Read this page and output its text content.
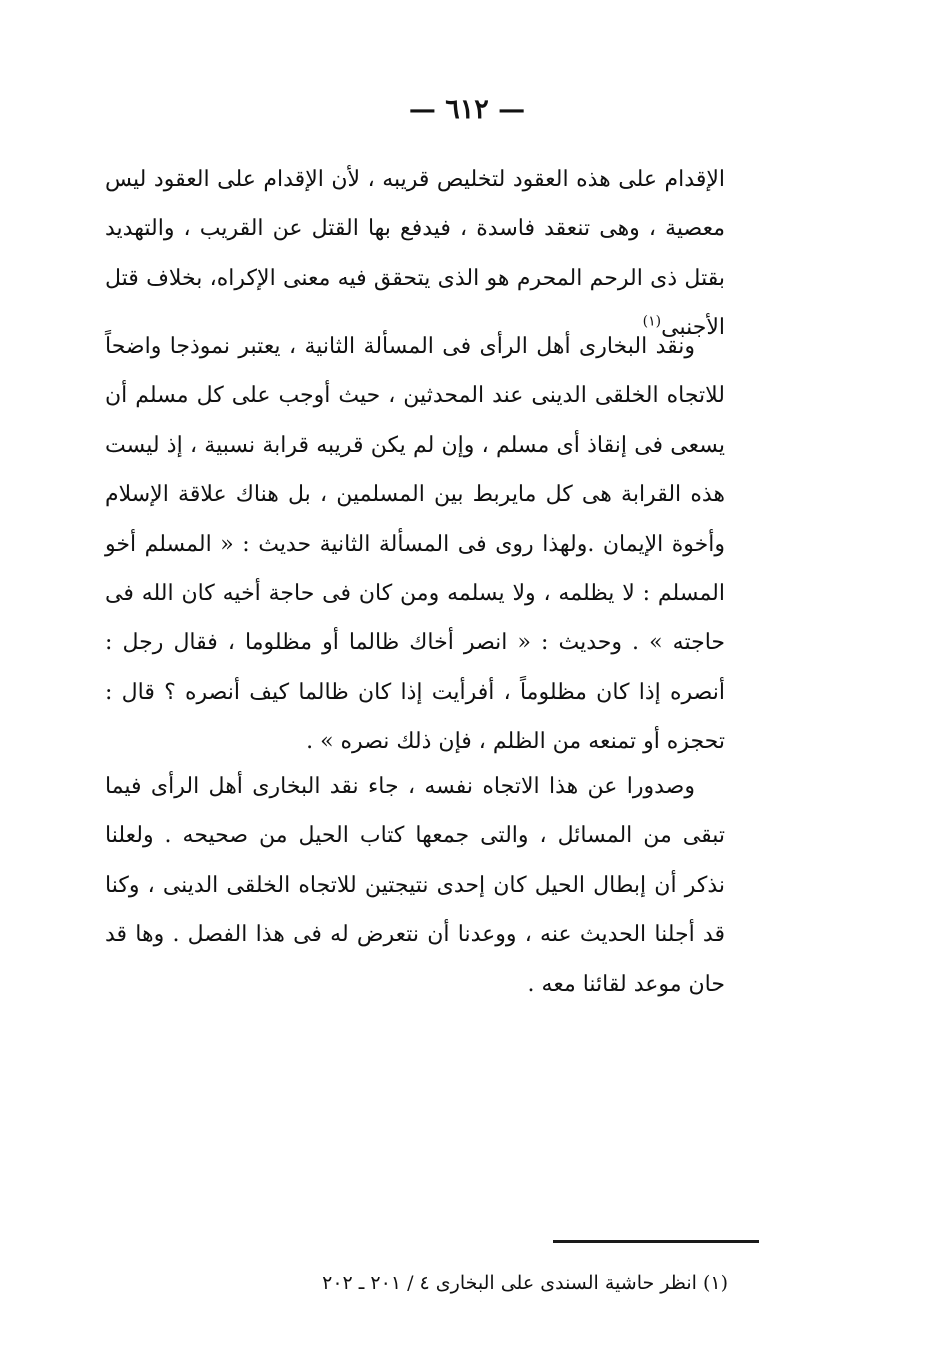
— ٦١٢ —

الإقدام على هذه العقود لتخليص قريبه ، لأن الإقدام على العقود ليس معصية ، وهى تنعقد فاسدة ، فيدفع بها القتل عن القريب ، والتهديد بقتل ذى الرحم المحرم هو الذى يتحقق فيه معنى الإكراه، بخلاف قتل الأجنبى$^{(١)}$

ونقد البخارى أهل الرأى فى المسألة الثانية ، يعتبر نموذجا واضحاً للاتجاه الخلقى الدينى عند المحدثين ، حيث أوجب على كل مسلم أن يسعى فى إنقاذ أى مسلم ، وإن لم يكن قريبه قرابة نسبية ، إذ ليست هذه القرابة هى كل مايربط بين المسلمين ، بل هناك علاقة الإسلام وأخوة الإيمان .ولهذا روى فى المسألة الثانية حديث : « المسلم أخو المسلم : لا يظلمه ، ولا يسلمه ومن كان فى حاجة أخيه كان الله فى حاجته » . وحديث : « انصر أخاك ظالما أو مظلوما ، فقال رجل : أنصره إذا كان مظلوماً ، أفرأيت إذا كان ظالما كيف أنصره ؟ قال : تحجزه أو تمنعه من الظلم ، فإن ذلك نصره » .

وصدورا عن هذا الاتجاه نفسه ، جاء نقد البخارى أهل الرأى فيما تبقى من المسائل ، والتى جمعها كتاب الحيل من صحيحه . ولعلنا نذكر أن إبطال الحيل كان إحدى نتيجتين للاتجاه الخلقى الدينى ، وكنا قد أجلنا الحديث عنه ، ووعدنا أن نتعرض له فى هذا الفصل . وها قد حان موعد لقائنا معه .

(١) انظر حاشية السندى على البخارى ٤ / ٢٠١ ـ ٢٠٢
